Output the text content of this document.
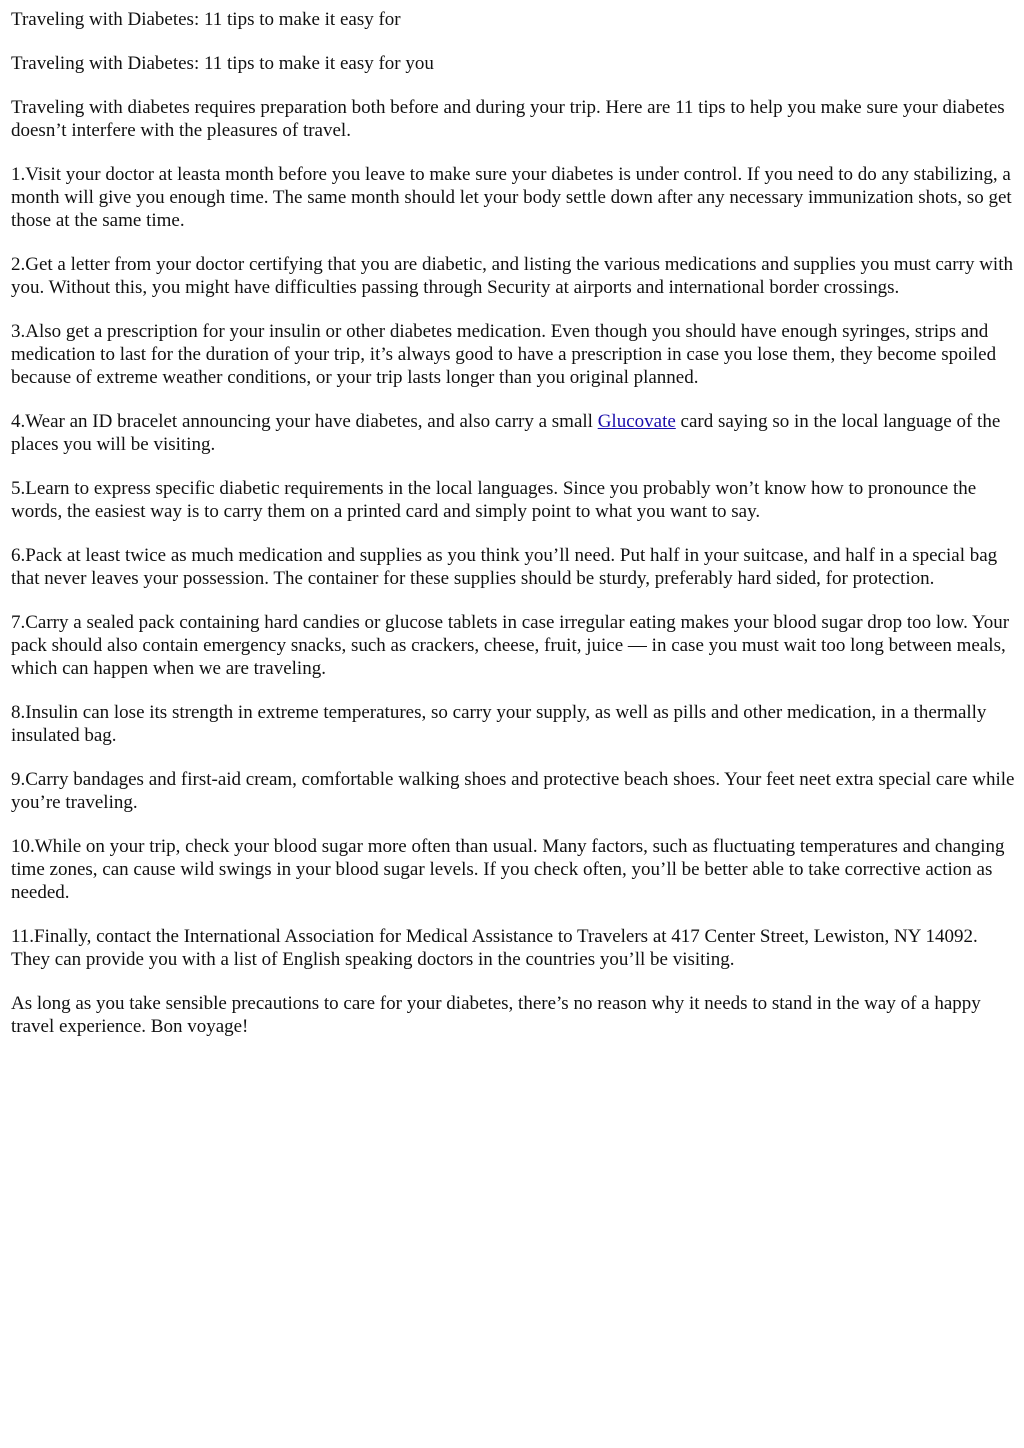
Traveling with Diabetes: 11 tips to make it easy for

Traveling with Diabetes: 11 tips to make it easy for you

Traveling with diabetes requires preparation both before and during your trip. Here are 11 tips to help you make sure your diabetes doesn’t interfere with the pleasures of travel.

1.Visit your doctor at leasta month before you leave to make sure your diabetes is under control. If you need to do any stabilizing, a month will give you enough time. The same month should let your body settle down after any necessary immunization shots, so get those at the same time.

2.Get a letter from your doctor certifying that you are diabetic, and listing the various medications and supplies you must carry with you. Without this, you might have difficulties passing through Security at airports and international border crossings.

3.Also get a prescription for your insulin or other diabetes medication. Even though you should have enough syringes, strips and medication to last for the duration of your trip, it’s always good to have a prescription in case you lose them, they become spoiled because of extreme weather conditions, or your trip lasts longer than you original planned.

4.Wear an ID bracelet announcing your have diabetes, and also carry a small Glucovate card saying so in the local language of the places you will be visiting.

5.Learn to express specific diabetic requirements in the local languages. Since you probably won’t know how to pronounce the words, the easiest way is to carry them on a printed card and simply point to what you want to say.

6.Pack at least twice as much medication and supplies as you think you’ll need. Put half in your suitcase, and half in a special bag that never leaves your possession. The container for these supplies should be sturdy, preferably hard sided, for protection.

7.Carry a sealed pack containing hard candies or glucose tablets in case irregular eating makes your blood sugar drop too low. Your pack should also contain emergency snacks, such as crackers, cheese, fruit, juice — in case you must wait too long between meals, which can happen when we are traveling.

8.Insulin can lose its strength in extreme temperatures, so carry your supply, as well as pills and other medication, in a thermally insulated bag.

9.Carry bandages and first-aid cream, comfortable walking shoes and protective beach shoes. Your feet neet extra special care while you’re traveling.

10.While on your trip, check your blood sugar more often than usual. Many factors, such as fluctuating temperatures and changing time zones, can cause wild swings in your blood sugar levels. If you check often, you’ll be better able to take corrective action as needed.

11.Finally, contact the International Association for Medical Assistance to Travelers at 417 Center Street, Lewiston, NY 14092. They can provide you with a list of English speaking doctors in the countries you’ll be visiting.

As long as you take sensible precautions to care for your diabetes, there’s no reason why it needs to stand in the way of a happy travel experience. Bon voyage!
